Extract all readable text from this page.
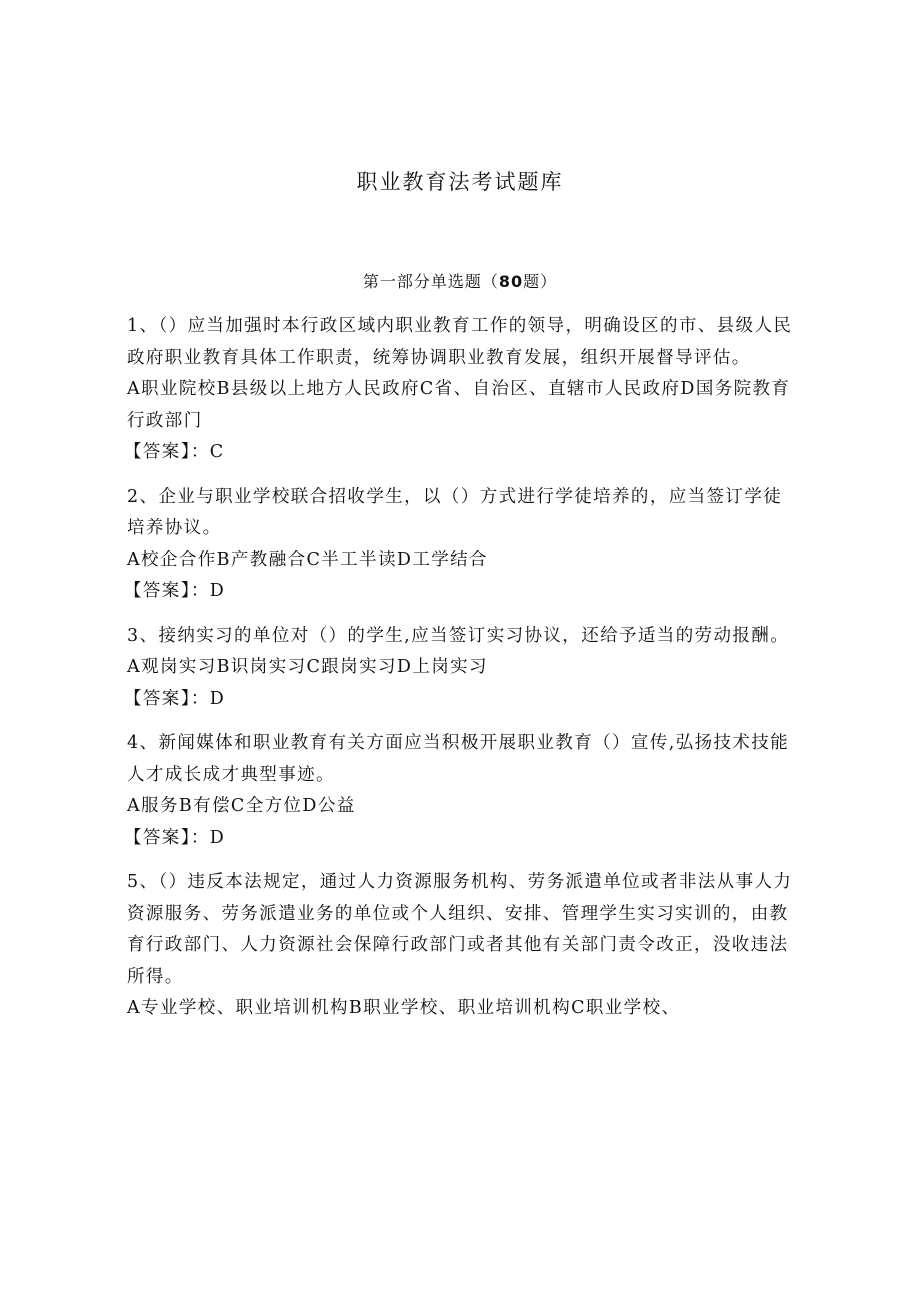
职业教育法考试题库
第一部分单选题（80题）
1、（）应当加强时本行政区域内职业教育工作的领导，明确设区的市、县级人民政府职业教育具体工作职责，统筹协调职业教育发展，组织开展督导评估。
A职业院校B县级以上地方人民政府C省、自治区、直辖市人民政府D国务院教育行政部门
【答案】：C
2、企业与职业学校联合招收学生，以（）方式进行学徒培养的，应当签订学徒培养协议。
A校企合作B产教融合C半工半读D工学结合
【答案】：D
3、接纳实习的单位对（）的学生,应当签订实习协议，还给予适当的劳动报酬。
A观岗实习B识岗实习C跟岗实习D上岗实习
【答案】：D
4、新闻媒体和职业教育有关方面应当积极开展职业教育（）宣传,弘扬技术技能人才成长成才典型事迹。
A服务B有偿C全方位D公益
【答案】：D
5、（）违反本法规定，通过人力资源服务机构、劳务派遣单位或者非法从事人力资源服务、劳务派遣业务的单位或个人组织、安排、管理学生实习实训的，由教育行政部门、人力资源社会保障行政部门或者其他有关部门责令改正，没收违法所得。
A专业学校、职业培训机构B职业学校、职业培训机构C职业学校、
